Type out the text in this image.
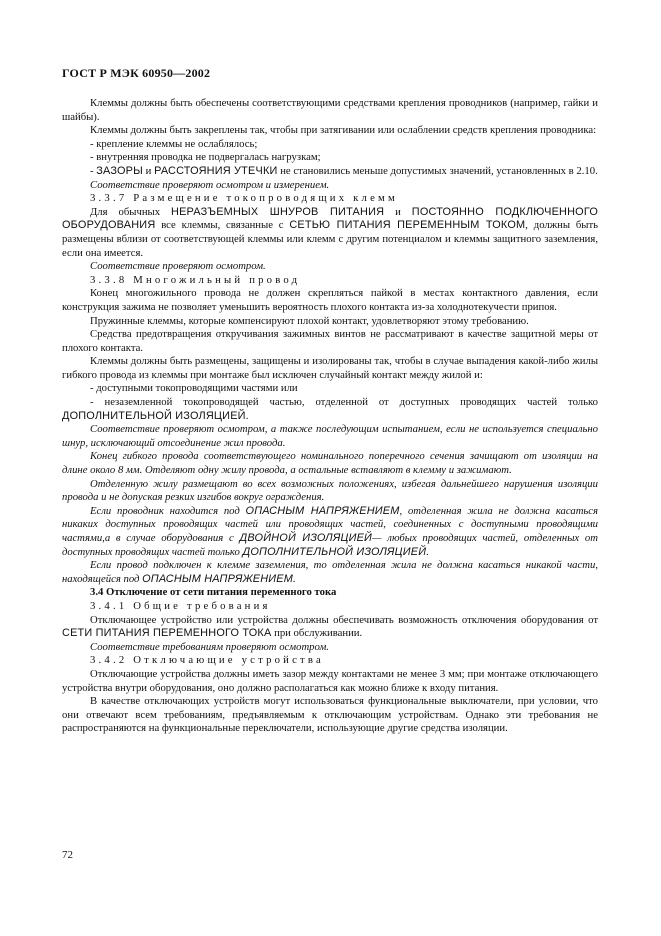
ГОСТ Р МЭК 60950—2002

Клеммы должны быть обеспечены соответствующими средствами крепления проводников (например, гайки и шайбы).

Клеммы должны быть закреплены так, чтобы при затягивании или ослаблении средств крепления проводника:

- крепление клеммы не ослаблялось;

- внутренняя проводка не подвергалась нагрузкам;

- ЗАЗОРЫ и РАССТОЯНИЯ УТЕЧКИ не становились меньше допустимых значений, установленных в 2.10.

Соответствие проверяют осмотром и измерением.

3.3.7 Размещение токопроводящих клемм

Для обычных НЕРАЗЪЕМНЫХ ШНУРОВ ПИТАНИЯ и ПОСТОЯННО ПОДКЛЮЧЕННОГО ОБОРУДОВАНИЯ все клеммы, связанные с СЕТЬЮ ПИТАНИЯ ПЕРЕМЕННЫМ ТОКОМ, должны быть размещены вблизи от соответствующей клеммы или клемм с другим потенциалом и клеммы защитного заземления, если она имеется.

Соответствие проверяют осмотром.

3.3.8 Многожильный провод

Конец многожильного провода не должен скрепляться пайкой в местах контактного давления, если конструкция зажима не позволяет уменьшить вероятность плохого контакта из-за холоднотекучести припоя.

Пружинные клеммы, которые компенсируют плохой контакт, удовлетворяют этому требованию.

Средства предотвращения откручивания зажимных винтов не рассматривают в качестве защитной меры от плохого контакта.

Клеммы должны быть размещены, защищены и изолированы так, чтобы в случае выпадения какой-либо жилы гибкого провода из клеммы при монтаже был исключен случайный контакт между жилой и:

- доступными токопроводящими частями или

- незаземленной токопроводящей частью, отделенной от доступных проводящих частей только ДОПОЛНИТЕЛЬНОЙ ИЗОЛЯЦИЕЙ.

Соответствие проверяют осмотром, а также последующим испытанием, если не используется специально шнур, исключающий отсоединение жил провода.

Конец гибкого провода соответствующего номинального поперечного сечения зачищают от изоляции на длине около 8 мм. Отделяют одну жилу провода, а остальные вставляют в клемму и зажимают.

Отделенную жилу размещают во всех возможных положениях, избегая дальнейшего нарушения изоляции провода и не допуская резких изгибов вокруг ограждения.

Если проводник находится под ОПАСНЫМ НАПРЯЖЕНИЕМ, отделенная жила не должна касаться никаких доступных проводящих частей или проводящих частей, соединенных с доступными проводящими частями,а в случае оборудования с ДВОЙНОЙ ИЗОЛЯЦИЕЙ— любых проводящих частей, отделенных от доступных проводящих частей только ДОПОЛНИТЕЛЬНОЙ ИЗОЛЯЦИЕЙ.

Если провод подключен к клемме заземления, то отделенная жила не должна касаться никакой части, находящейся под ОПАСНЫМ НАПРЯЖЕНИЕМ.

3.4 Отключение от сети питания переменного тока

3.4.1 Общие требования

Отключающее устройство или устройства должны обеспечивать возможность отключения оборудования от СЕТИ ПИТАНИЯ ПЕРЕМЕННОГО ТОКА при обслуживании.

Соответствие требованиям проверяют осмотром.

3.4.2 Отключающие устройства

Отключающие устройства должны иметь зазор между контактами не менее 3 мм; при монтаже отключающего устройства внутри оборудования, оно должно располагаться как можно ближе к входу питания.

В качестве отключающих устройств могут использоваться функциональные выключатели, при условии, что они отвечают всем требованиям, предъявляемым к отключающим устройствам. Однако эти требования не распространяются на функциональные переключатели, использующие другие средства изоляции.

72
